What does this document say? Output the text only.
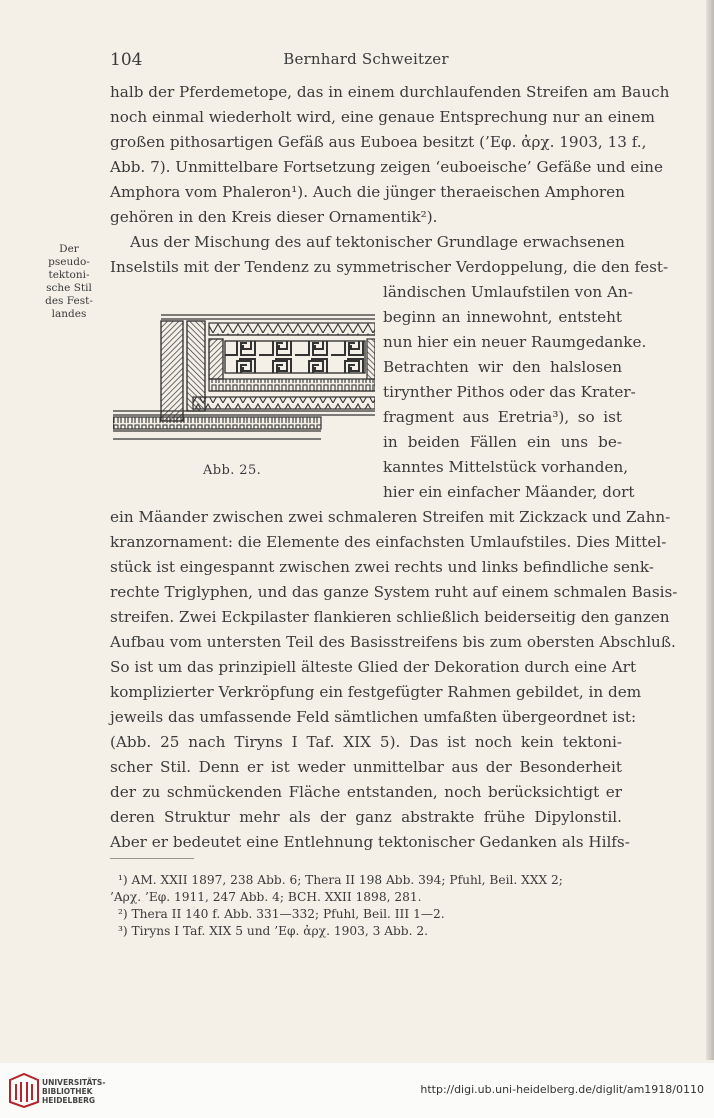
104	Bernhard Schweitzer
Der
pseudo-
tektoni-
sche Stil
des Fest-
landes
halb der Pferdemetope, das in einem durchlaufenden Streifen am Bauch
noch einmal wiederholt wird, eine genaue Entsprechung nur an einem
großen pithosartigen Gefäß aus Euboea besitzt (’Εφ. ἀρχ. 1903, 13 f.,
Abb. 7). Unmittelbare Fortsetzung zeigen ‘euboeische’ Gefäße und eine
Amphora vom Phaleron¹). Auch die jünger theraeischen Amphoren
gehören in den Kreis dieser Ornamentik²).
Aus der Mischung des auf tektonischer Grundlage erwachsenen
Inselstils mit der Tendenz zu symmetrischer Verdoppelung, die den fest-
ländischen Umlaufstilen von An-
beginn an innewohnt, entsteht
nun hier ein neuer Raumgedanke.
Betrachten wir den halslosen
tirynther Pithos oder das Krater-
fragment aus Eretria³), so ist
in beiden Fällen ein uns be-
kanntes Mittelstück vorhanden,
hier ein einfacher Mäander, dort
ein Mäander zwischen zwei schmaleren Streifen mit Zickzack und Zahn-
kranzornament: die Elemente des einfachsten Umlaufstiles. Dies Mittel-
stück ist eingespannt zwischen zwei rechts und links befindliche senk-
rechte Triglyphen, und das ganze System ruht auf einem schmalen Basis-
streifen. Zwei Eckpilaster flankieren schließlich beiderseitig den ganzen
Aufbau vom untersten Teil des Basisstreifens bis zum obersten Abschluß.
So ist um das prinzipiell älteste Glied der Dekoration durch eine Art
komplizierter Verkröpfung ein festgefügter Rahmen gebildet, in dem
jeweils das umfassende Feld sämtlichen umfaßten übergeordnet ist:
(Abb. 25 nach Tiryns I Taf. XIX 5). Das ist noch kein tektoni-
scher Stil. Denn er ist weder unmittelbar aus der Besonderheit
der zu schmückenden Fläche entstanden, noch berücksichtigt er
deren Struktur mehr als der ganz abstrakte frühe Dipylonstil.
Aber er bedeutet eine Entlehnung tektonischer Gedanken als Hilfs-
Abb. 25.
¹) AM. XXII 1897, 238 Abb. 6; Thera II 198 Abb. 394; Pfuhl, Beil. XXX 2;
’Αρχ. ’Εφ. 1911, 247 Abb. 4; BCH. XXII 1898, 281.
²) Thera II 140 f. Abb. 331—332; Pfuhl, Beil. III 1—2.
³) Tiryns I Taf. XIX 5 und ’Εφ. ἀρχ. 1903, 3 Abb. 2.
UNIVERSITÄTS-
BIBLIOTHEK
HEIDELBERG
http://digi.ub.uni-heidelberg.de/diglit/am1918/0110
